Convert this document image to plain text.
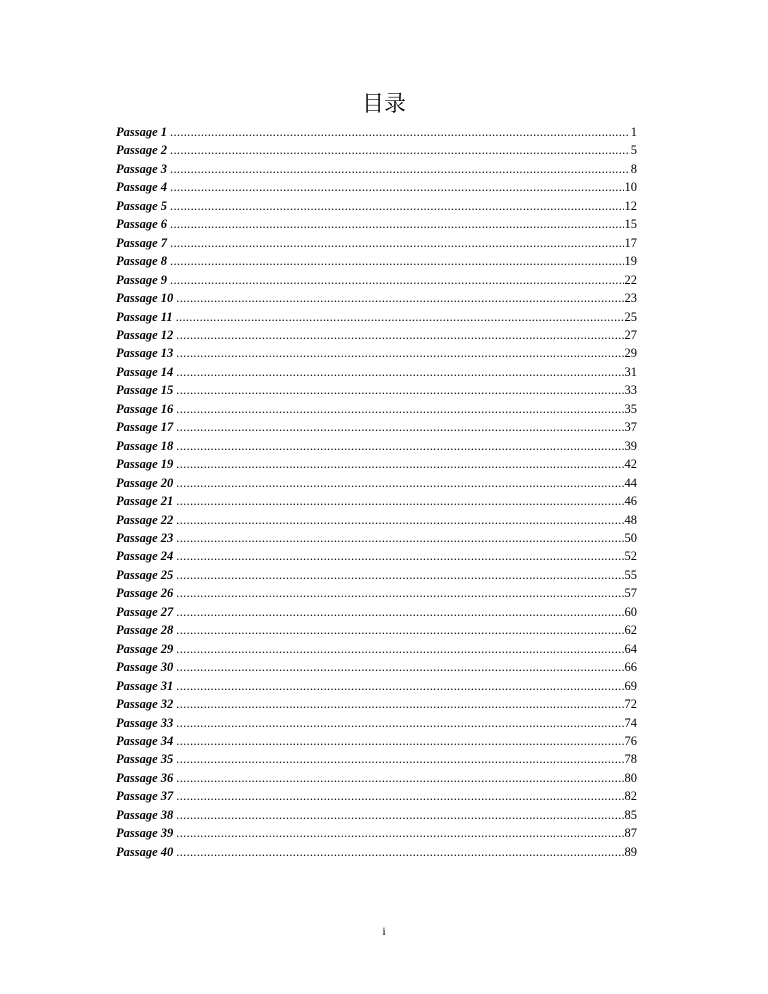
目录
Passage 1 .....	1
Passage 2 .....	5
Passage 3 .....	8
Passage 4 .....	10
Passage 5 .....	12
Passage 6 .....	15
Passage 7 .....	17
Passage 8 .....	19
Passage 9 .....	22
Passage 10 .....	23
Passage 11 .....	25
Passage 12 .....	27
Passage 13 .....	29
Passage 14 .....	31
Passage 15 .....	33
Passage 16 .....	35
Passage 17 .....	37
Passage 18 .....	39
Passage 19 .....	42
Passage 20 .....	44
Passage 21 .....	46
Passage 22 .....	48
Passage 23 .....	50
Passage 24 .....	52
Passage 25 .....	55
Passage 26 .....	57
Passage 27 .....	60
Passage 28 .....	62
Passage 29 .....	64
Passage 30 .....	66
Passage 31 .....	69
Passage 32 .....	72
Passage 33 .....	74
Passage 34 .....	76
Passage 35 .....	78
Passage 36 .....	80
Passage 37 .....	82
Passage 38 .....	85
Passage 39 .....	87
Passage 40 .....	89
i
